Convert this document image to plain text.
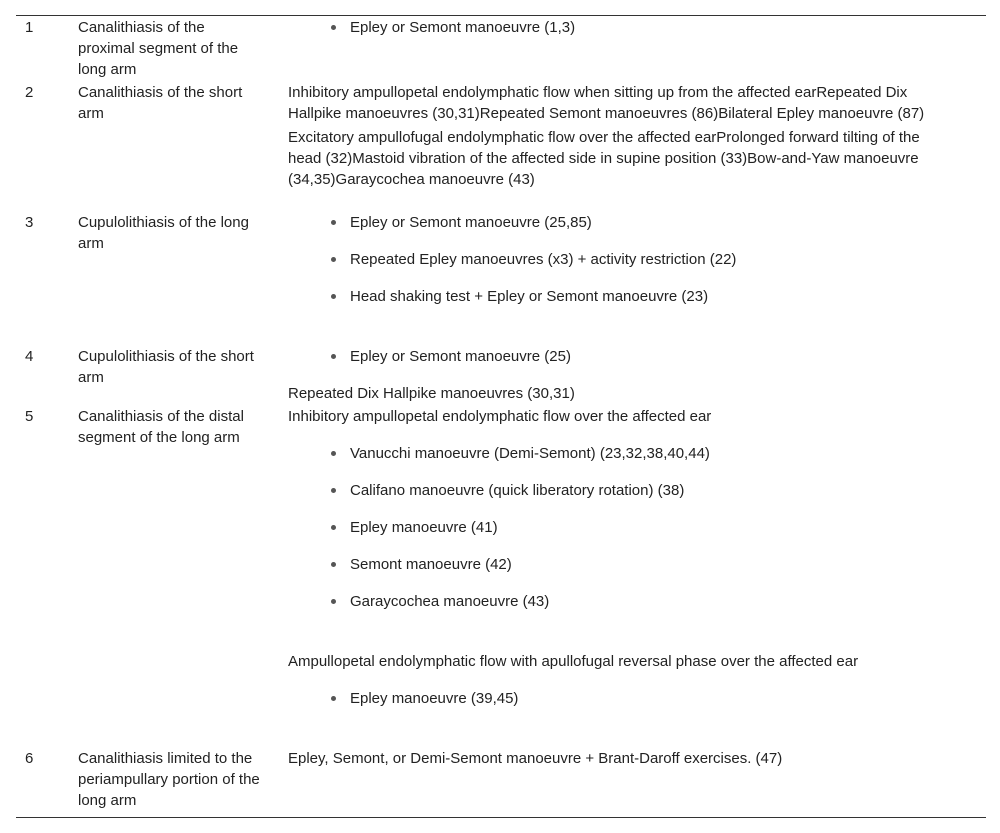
1	Canalithiasis of the proximal segment of the long arm
Epley or Semont manoeuvre (1,3)
2	Canalithiasis of the short arm

Inhibitory ampullopetal endolymphatic flow when sitting up from the affected earRepeated Dix Hallpike manoeuvres (30,31)Repeated Semont manoeuvres (86)Bilateral Epley manoeuvre (87)

Excitatory ampullofugal endolymphatic flow over the affected earProlonged forward tilting of the head (32)Mastoid vibration of the affected side in supine position (33)Bow-and-Yaw manoeuvre (34,35)Garaycochea manoeuvre (43)

3	Cupulolithiasis of the long arm
Epley or Semont manoeuvre (25,85)
Repeated Epley manoeuvres (x3) + activity restriction (22)
Head shaking test + Epley or Semont manoeuvre (23)
4	Cupulolithiasis of the short arm
Epley or Semont manoeuvre (25)

Repeated Dix Hallpike manoeuvres (30,31)

5	Canalithiasis of the distal segment of the long arm

Inhibitory ampullopetal endolymphatic flow over the affected ear

Vanucchi manoeuvre (Demi-Semont) (23,32,38,40,44)
Califano manoeuvre (quick liberatory rotation) (38)
Epley manoeuvre (41)
Semont manoeuvre (42)
Garaycochea manoeuvre (43)

Ampullopetal endolymphatic flow with apullofugal reversal phase over the affected ear

Epley manoeuvre (39,45)
6	Canalithiasis limited to the periampullary portion of the long arm
Epley, Semont, or Demi-Semont manoeuvre + Brant-Daroff exercises. (47)
